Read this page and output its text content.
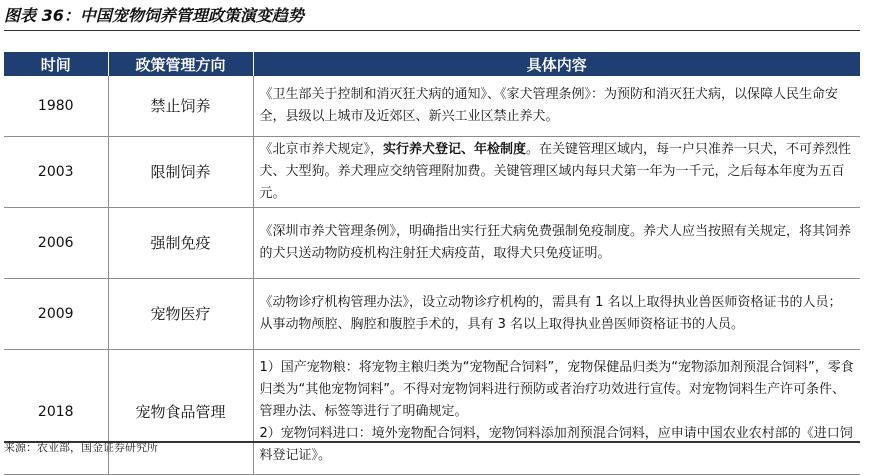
图表 36：中国宠物饲养管理政策演变趋势
时间	政策管理方向	具体内容
1980	禁止饲养	《卫生部关于控制和消灭狂犬病的通知》、《家犬管理条例》：为预防和消灭狂犬病，以保障人民生命安全，县级以上城市及近郊区、新兴工业区禁止养犬。
2003	限制饲养	《北京市养犬规定》，实行养犬登记、年检制度。在关键管理区域内，每一户只准养一只犬，不可养烈性犬、大型狗。养犬理应交纳管理附加费。关键管理区域内每只犬第一年为一千元，之后每本年度为五百元。
2006	强制免疫	《深圳市养犬管理条例》，明确指出实行狂犬病免费强制免疫制度。养犬人应当按照有关规定，将其饲养的犬只送动物防疫机构注射狂犬病疫苗，取得犬只免疫证明。
2009	宠物医疗	《动物诊疗机构管理办法》，设立动物诊疗机构的，需具有 1 名以上取得执业兽医师资格证书的人员；从事动物颅腔、胸腔和腹腔手术的，具有 3 名以上取得执业兽医师资格证书的人员。
2018	宠物食品管理	1）国产宠物粮：将宠物主粮归类为“宠物配合饲料”，宠物保健品归类为“宠物添加剂预混合饲料”，零食归类为“其他宠物饲料”。不得对宠物饲料进行预防或者治疗功效进行宣传。对宠物饲料生产许可条件、管理办法、标签等进行了明确规定。
2）宠物饲料进口：境外宠物配合饲料，宠物饲料添加剂预混合饲料，应申请中国农业农村部的《进口饲料登记证》。
来源：农业部，国金证券研究所
